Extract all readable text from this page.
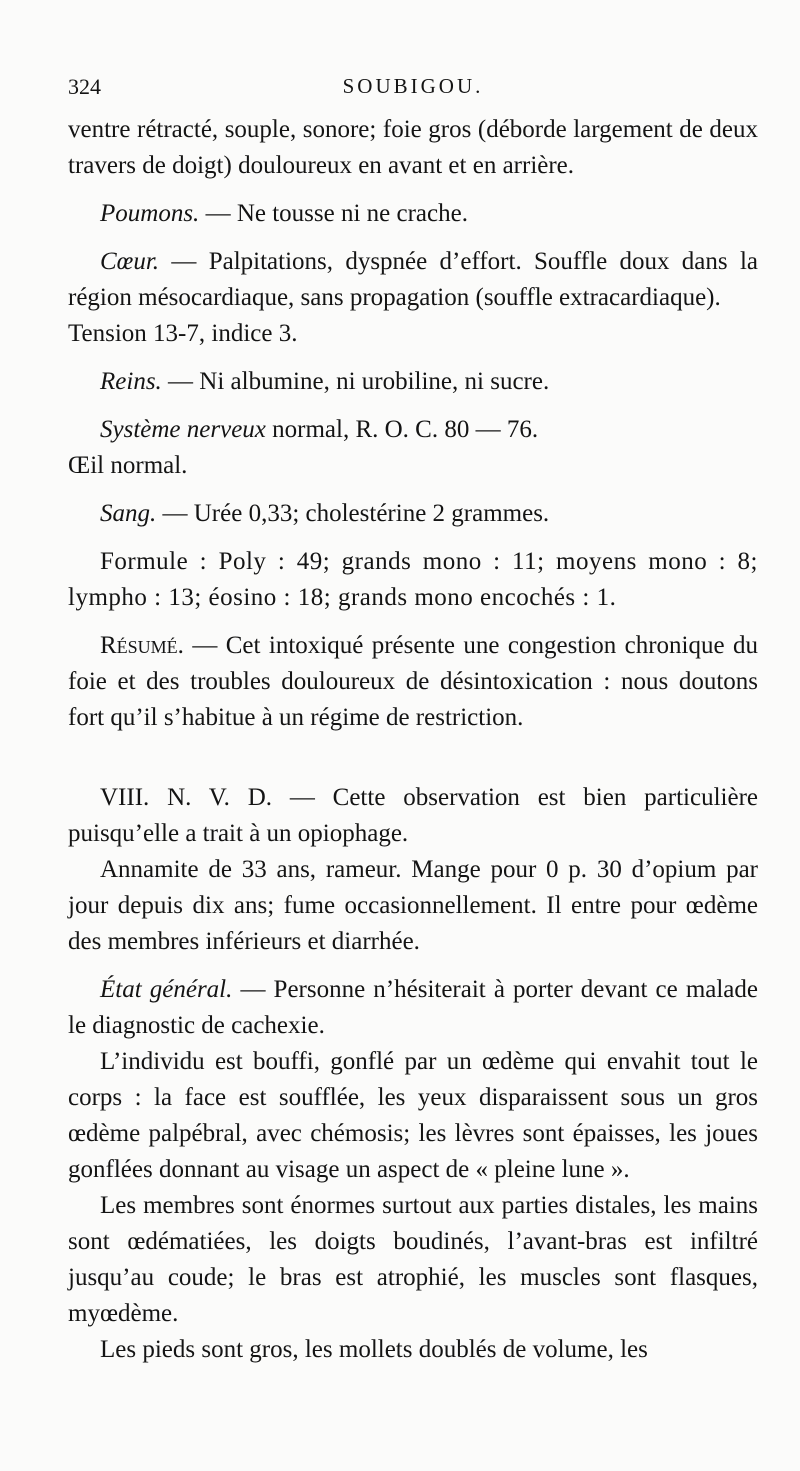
324	SOUBIGOU.

ventre rétracté, souple, sonore; foie gros (déborde largement de deux travers de doigt) douloureux en avant et en arrière.

Poumons. — Ne tousse ni ne crache.

Cœur. — Palpitations, dyspnée d’effort. Souffle doux dans la région mésocardiaque, sans propagation (souffle extracardiaque).

Tension 13-7, indice 3.

Reins. — Ni albumine, ni urobiline, ni sucre.

Système nerveux normal, R. O. C. 80 — 76.

Œil normal.

Sang. — Urée 0,33; cholestérine 2 grammes.

Formule : Poly : 49; grands mono : 11; moyens mono : 8; lympho : 13; éosino : 18; grands mono encochés : 1.

Résumé. — Cet intoxiqué présente une congestion chronique du foie et des troubles douloureux de désintoxication : nous doutons fort qu’il s’habitue à un régime de restriction.

VIII. N. V. D. — Cette observation est bien particulière puisqu’elle a trait à un opiophage.

Annamite de 33 ans, rameur. Mange pour 0 p. 30 d’opium par jour depuis dix ans; fume occasionnellement. Il entre pour œdème des membres inférieurs et diarrhée.

État général. — Personne n’hésiterait à porter devant ce malade le diagnostic de cachexie.

L’individu est bouffi, gonflé par un œdème qui envahit tout le corps : la face est soufflée, les yeux disparaissent sous un gros œdème palpébral, avec chémosis; les lèvres sont épaisses, les joues gonflées donnant au visage un aspect de « pleine lune ».

Les membres sont énormes surtout aux parties distales, les mains sont œdématiées, les doigts boudinés, l’avant-bras est infiltré jusqu’au coude; le bras est atrophié, les muscles sont flasques, myœdème.

Les pieds sont gros, les mollets doublés de volume, les
